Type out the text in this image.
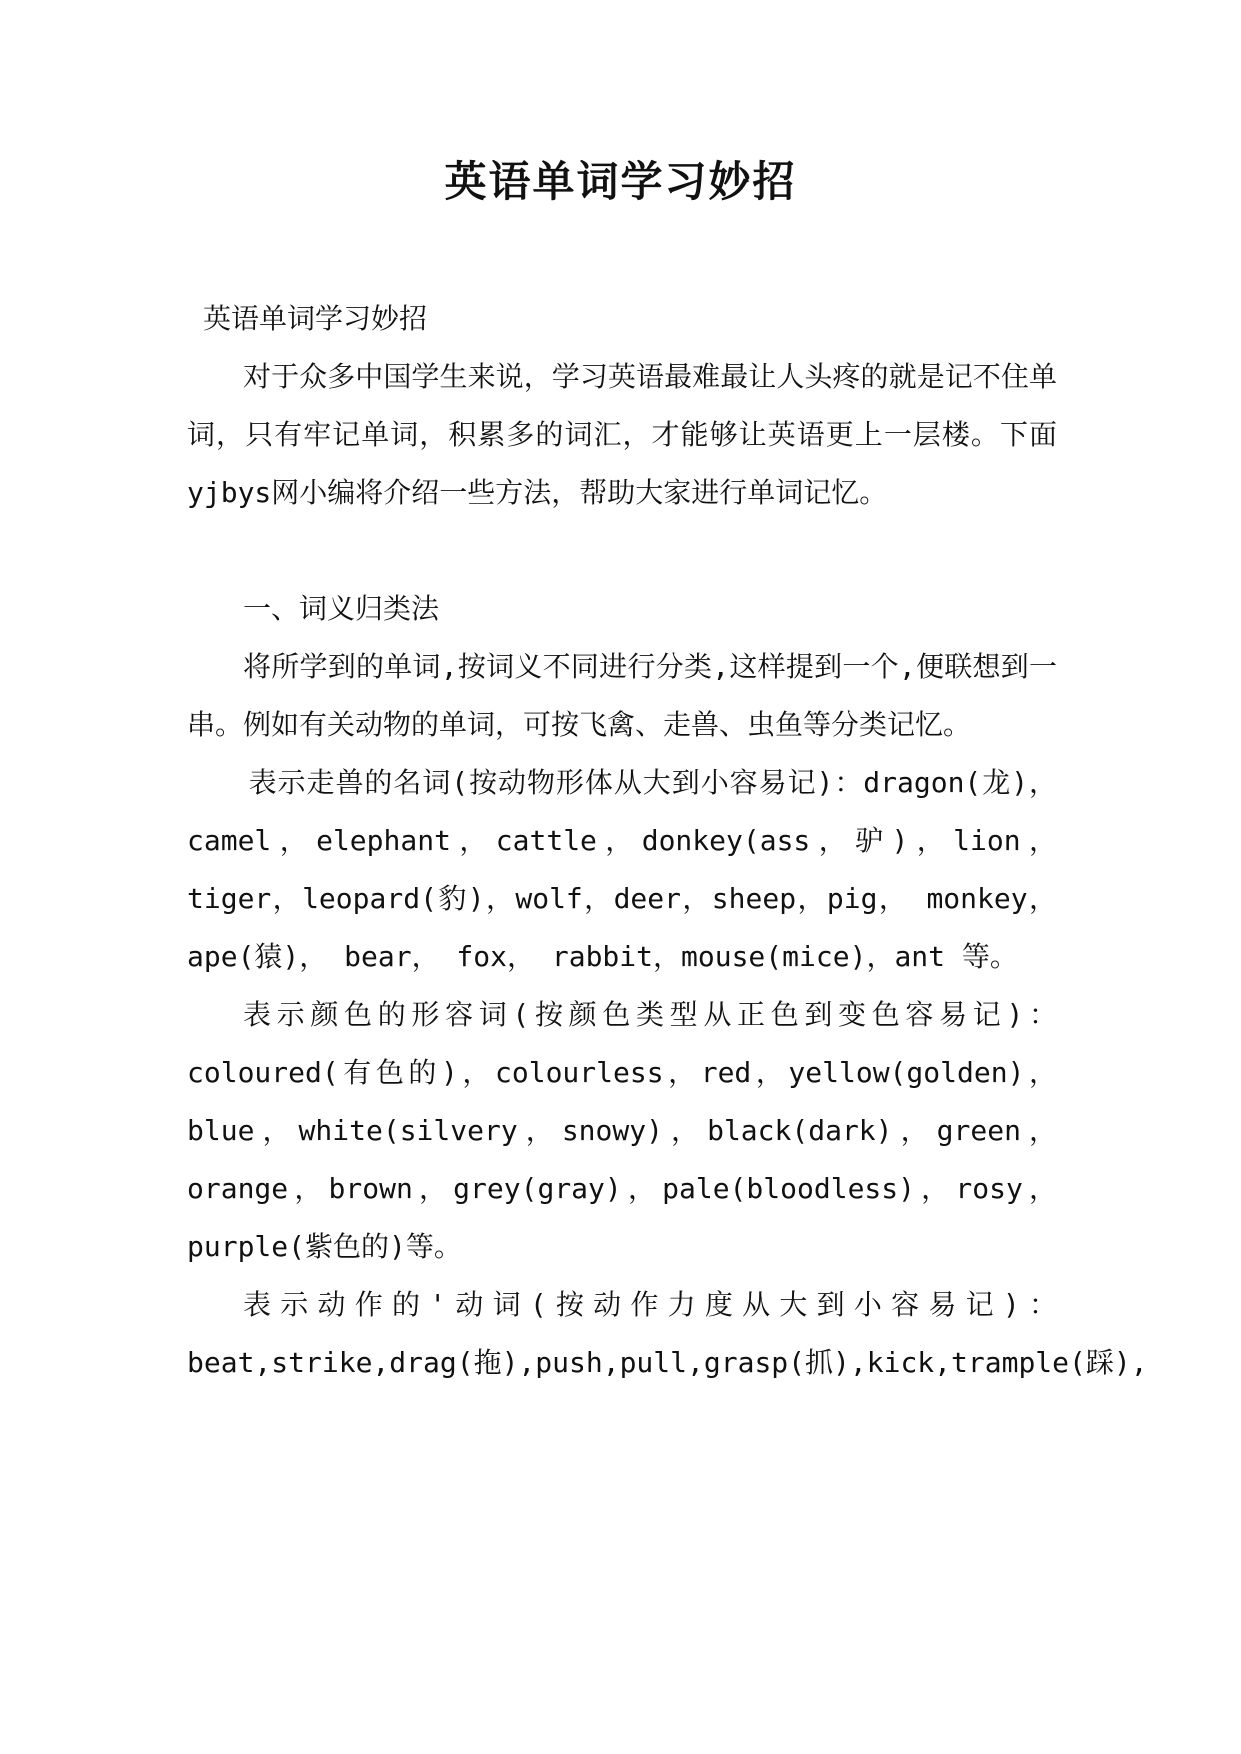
英语单词学习妙招

英语单词学习妙招

对于众多中国学生来说，学习英语最难最让人头疼的就是记不住单词，只有牢记单词，积累多的词汇，才能够让英语更上一层楼。下面yjbys网小编将介绍一些方法，帮助大家进行单词记忆。

一、词义归类法

将所学到的单词,按词义不同进行分类,这样提到一个,便联想到一串。例如有关动物的单词，可按飞禽、走兽、虫鱼等分类记忆。

表示走兽的名词(按动物形体从大到小容易记)：dragon(龙)，camel，elephant，cattle，donkey(ass，驴)，lion，tiger，leopard(豹)，wolf，deer，sheep，pig， monkey， ape(猿)， bear， fox， rabbit，mouse(mice)，ant 等。

表示颜色的形容词(按颜色类型从正色到变色容易记)：coloured(有色的)，colourless，red，yellow(golden)，blue，white(silvery，snowy)，black(dark)，green，orange，brown，grey(gray)，pale(bloodless)，rosy，purple(紫色的)等。

表示动作的'动词(按动作力度从大到小容易记)：beat,strike,drag(拖),push,pull,grasp(抓),kick,trample(踩),
